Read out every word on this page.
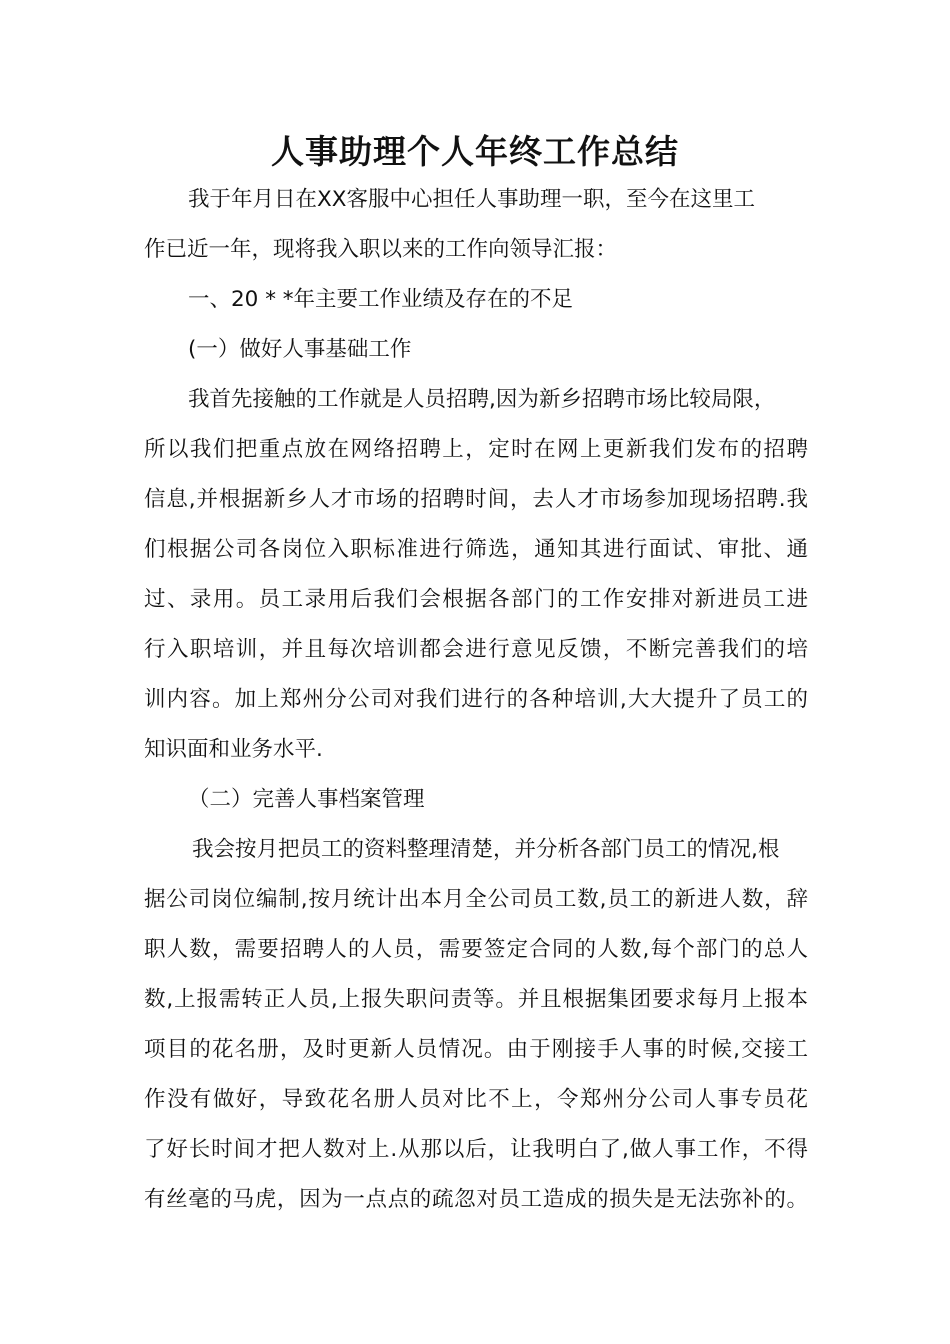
人事助理个人年终工作总结
我于年月日在XX客服中心担任人事助理一职，至今在这里工
作已近一年，现将我入职以来的工作向领导汇报：
一、20 * *年主要工作业绩及存在的不足
(一）做好人事基础工作
我首先接触的工作就是人员招聘,因为新乡招聘市场比较局限，
所以我们把重点放在网络招聘上，定时在网上更新我们发布的招聘
信息,并根据新乡人才市场的招聘时间，去人才市场参加现场招聘.我
们根据公司各岗位入职标准进行筛选，通知其进行面试、审批、通
过、录用。员工录用后我们会根据各部门的工作安排对新进员工进
行入职培训，并且每次培训都会进行意见反馈，不断完善我们的培
训内容。加上郑州分公司对我们进行的各种培训,大大提升了员工的
知识面和业务水平.
（二）完善人事档案管理
我会按月把员工的资料整理清楚，并分析各部门员工的情况,根
据公司岗位编制,按月统计出本月全公司员工数,员工的新进人数，辞
职人数，需要招聘人的人员，需要签定合同的人数,每个部门的总人
数,上报需转正人员,上报失职问责等。并且根据集团要求每月上报本
项目的花名册，及时更新人员情况。由于刚接手人事的时候,交接工
作没有做好，导致花名册人员对比不上，令郑州分公司人事专员花
了好长时间才把人数对上.从那以后，让我明白了,做人事工作，不得
有丝毫的马虎，因为一点点的疏忽对员工造成的损失是无法弥补的。
